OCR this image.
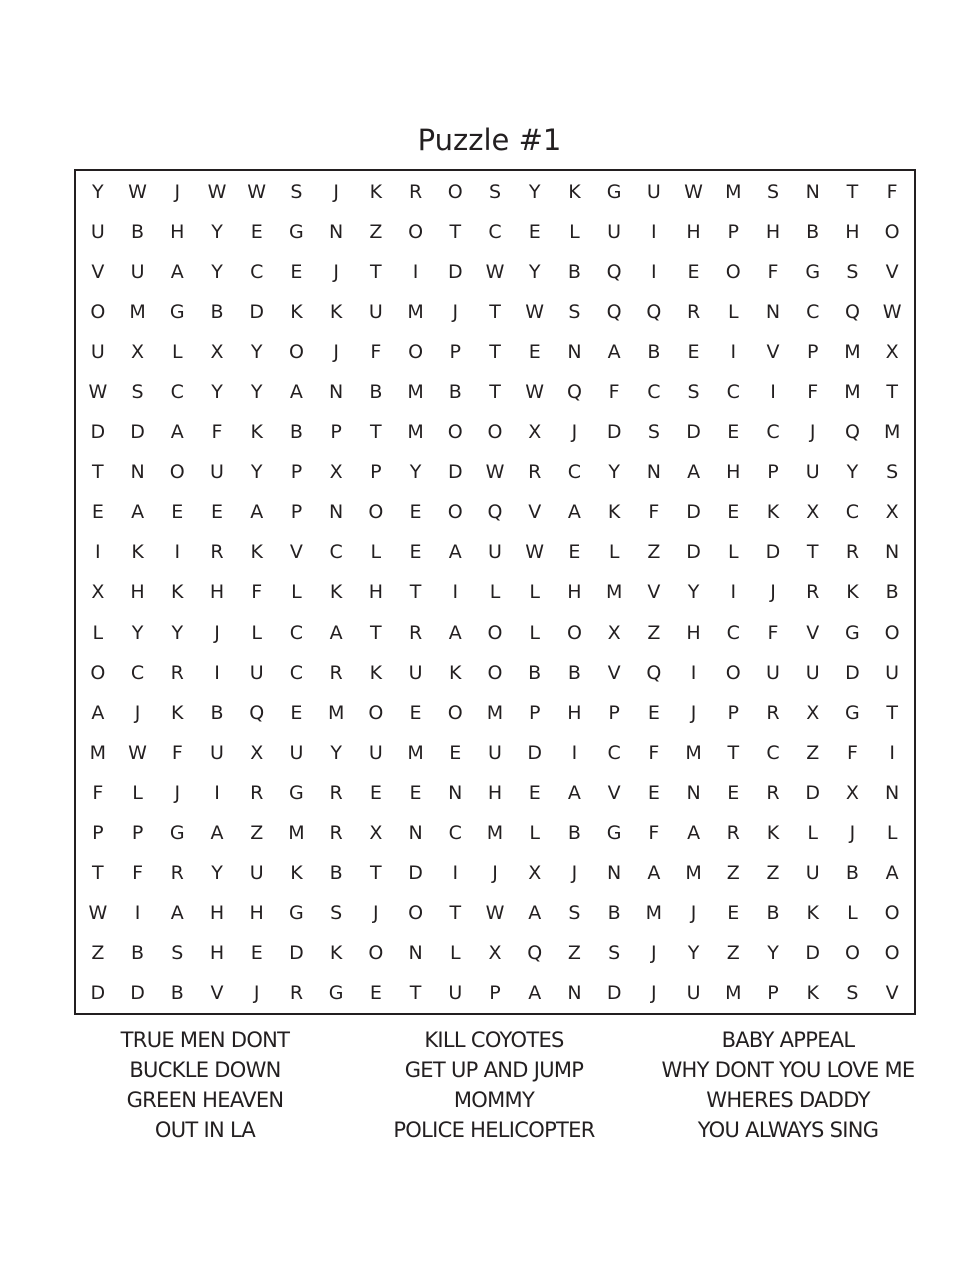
Puzzle #1
Y	W	J	W	W	S	J	K	R	O	S	Y	K	G	U	W	M	S	N	T	F
U	B	H	Y	E	G	N	Z	O	T	C	E	L	U	I	H	P	H	B	H	O
V	U	A	Y	C	E	J	T	I	D	W	Y	B	Q	I	E	O	F	G	S	V
O	M	G	B	D	K	K	U	M	J	T	W	S	Q	Q	R	L	N	C	Q	W
U	X	L	X	Y	O	J	F	O	P	T	E	N	A	B	E	I	V	P	M	X
W	S	C	Y	Y	A	N	B	M	B	T	W	Q	F	C	S	C	I	F	M	T
D	D	A	F	K	B	P	T	M	O	O	X	J	D	S	D	E	C	J	Q	M
T	N	O	U	Y	P	X	P	Y	D	W	R	C	Y	N	A	H	P	U	Y	S
E	A	E	E	A	P	N	O	E	O	Q	V	A	K	F	D	E	K	X	C	X
I	K	I	R	K	V	C	L	E	A	U	W	E	L	Z	D	L	D	T	R	N
X	H	K	H	F	L	K	H	T	I	L	L	H	M	V	Y	I	J	R	K	B
L	Y	Y	J	L	C	A	T	R	A	O	L	O	X	Z	H	C	F	V	G	O
O	C	R	I	U	C	R	K	U	K	O	B	B	V	Q	I	O	U	U	D	U
A	J	K	B	Q	E	M	O	E	O	M	P	H	P	E	J	P	R	X	G	T
M	W	F	U	X	U	Y	U	M	E	U	D	I	C	F	M	T	C	Z	F	I
F	L	J	I	R	G	R	E	E	N	H	E	A	V	E	N	E	R	D	X	N
P	P	G	A	Z	M	R	X	N	C	M	L	B	G	F	A	R	K	L	J	L
T	F	R	Y	U	K	B	T	D	I	J	X	J	N	A	M	Z	Z	U	B	A
W	I	A	H	H	G	S	J	O	T	W	A	S	B	M	J	E	B	K	L	O
Z	B	S	H	E	D	K	O	N	L	X	Q	Z	S	J	Y	Z	Y	D	O	O
D	D	B	V	J	R	G	E	T	U	P	A	N	D	J	U	M	P	K	S	V
TRUE MEN DONT
BUCKLE DOWN
GREEN HEAVEN
OUT IN LA
KILL COYOTES
GET UP AND JUMP
MOMMY
POLICE HELICOPTER
BABY APPEAL
WHY DONT YOU LOVE ME
WHERES DADDY
YOU ALWAYS SING
